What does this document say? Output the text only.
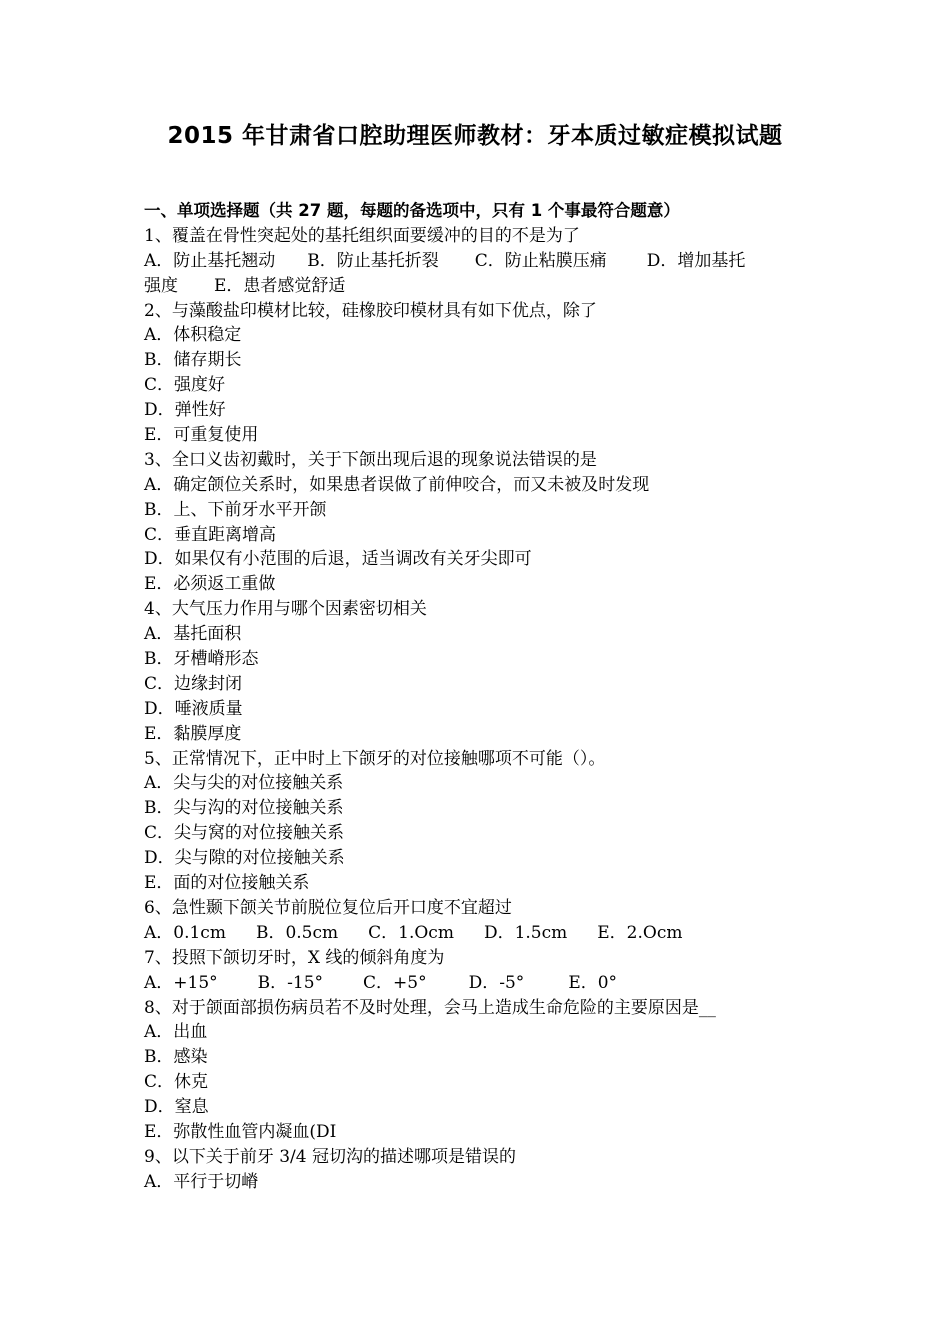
2015 年甘肃省口腔助理医师教材：牙本质过敏症模拟试题
一、单项选择题（共 27 题，每题的备选项中，只有 1 个事最符合题意）
1、覆盖在骨性突起处的基托组织面要缓冲的目的不是为了
A．防止基托翘动 B．防止基托折裂 C．防止粘膜压痛 D．增加基托
强度 E．患者感觉舒适
2、与藻酸盐印模材比较，硅橡胶印模材具有如下优点，除了
A．体积稳定
B．储存期长
C．强度好
D．弹性好
E．可重复使用
3、全口义齿初戴时，关于下颌出现后退的现象说法错误的是
A．确定颌位关系时，如果患者误做了前伸咬合，而又未被及时发现
B．上、下前牙水平开颌
C．垂直距离增高
D．如果仅有小范围的后退，适当调改有关牙尖即可
E．必须返工重做
4、大气压力作用与哪个因素密切相关
A．基托面积
B．牙槽嵴形态
C．边缘封闭
D．唾液质量
E．黏膜厚度
5、正常情况下，正中时上下颌牙的对位接触哪项不可能（）。
A．尖与尖的对位接触关系
B．尖与沟的对位接触关系
C．尖与窝的对位接触关系
D．尖与隙的对位接触关系
E．面的对位接触关系
6、急性颞下颌关节前脱位复位后开口度不宜超过
A．0.1cm B．0.5cm C．1.Ocm D．1.5cm E．2.Ocm
7、投照下颌切牙时，X 线的倾斜角度为
A．+15° B．-15° C．+5° D．-5°	E．0°
8、对于颌面部损伤病员若不及时处理，会马上造成生命危险的主要原因是__
A．出血
B．感染
C．休克
D．窒息
E．弥散性血管内凝血(DI
9、以下关于前牙 3/4 冠切沟的描述哪项是错误的
A．平行于切嵴
